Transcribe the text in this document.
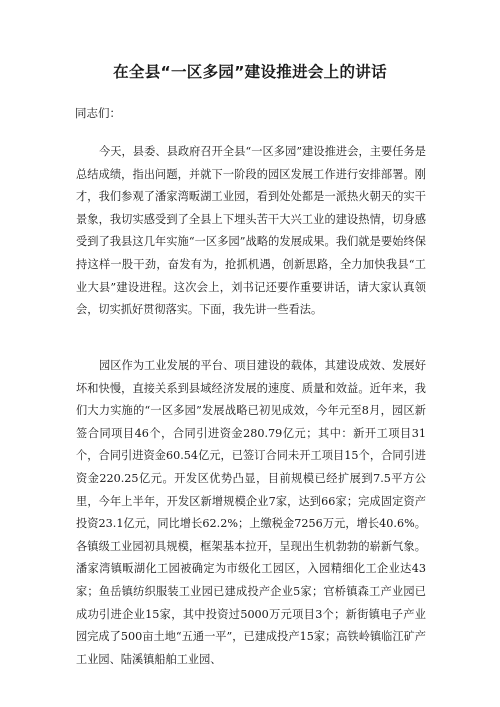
在全县“一区多园”建设推进会上的讲话

同志们：

今天，县委、县政府召开全县“一区多园”建设推进会，主要任务是总结成绩，指出问题，并就下一阶段的园区发展工作进行安排部署。刚才，我们参观了潘家湾畈湖工业园，看到处处都是一派热火朝天的实干景象，我切实感受到了全县上下埋头苦干大兴工业的建设热情，切身感受到了我县这几年实施“一区多园”战略的发展成果。我们就是要始终保持这样一股干劲，奋发有为，抢抓机遇，创新思路，全力加快我县“工业大县”建设进程。这次会上，刘书记还要作重要讲话，请大家认真领会，切实抓好贯彻落实。下面，我先讲一些看法。

园区作为工业发展的平台、项目建设的载体，其建设成效、发展好坏和快慢，直接关系到县域经济发展的速度、质量和效益。近年来，我们大力实施的“一区多园”发展战略已初见成效，今年元至8月，园区新签合同项目46个，合同引进资金280.79亿元；其中：新开工项目31个，合同引进资金60.54亿元，已签订合同未开工项目15个，合同引进资金220.25亿元。开发区优势凸显，目前规模已经扩展到7.5平方公里，今年上半年，开发区新增规模企业7家，达到66家；完成固定资产投资23.1亿元，同比增长62.2%；上缴税金7256万元，增长40.6%。各镇级工业园初具规模，框架基本拉开，呈现出生机勃勃的崭新气象。潘家湾镇畈湖化工园被确定为市级化工园区，入园精细化工企业达43家；鱼岳镇纺织服装工业园已建成投产企业5家；官桥镇森工产业园已成功引进企业15家，其中投资过5000万元项目3个；新街镇电子产业园完成了500亩土地“五通一平”，已建成投产15家；高铁岭镇临江矿产工业园、陆溪镇船舶工业园、
